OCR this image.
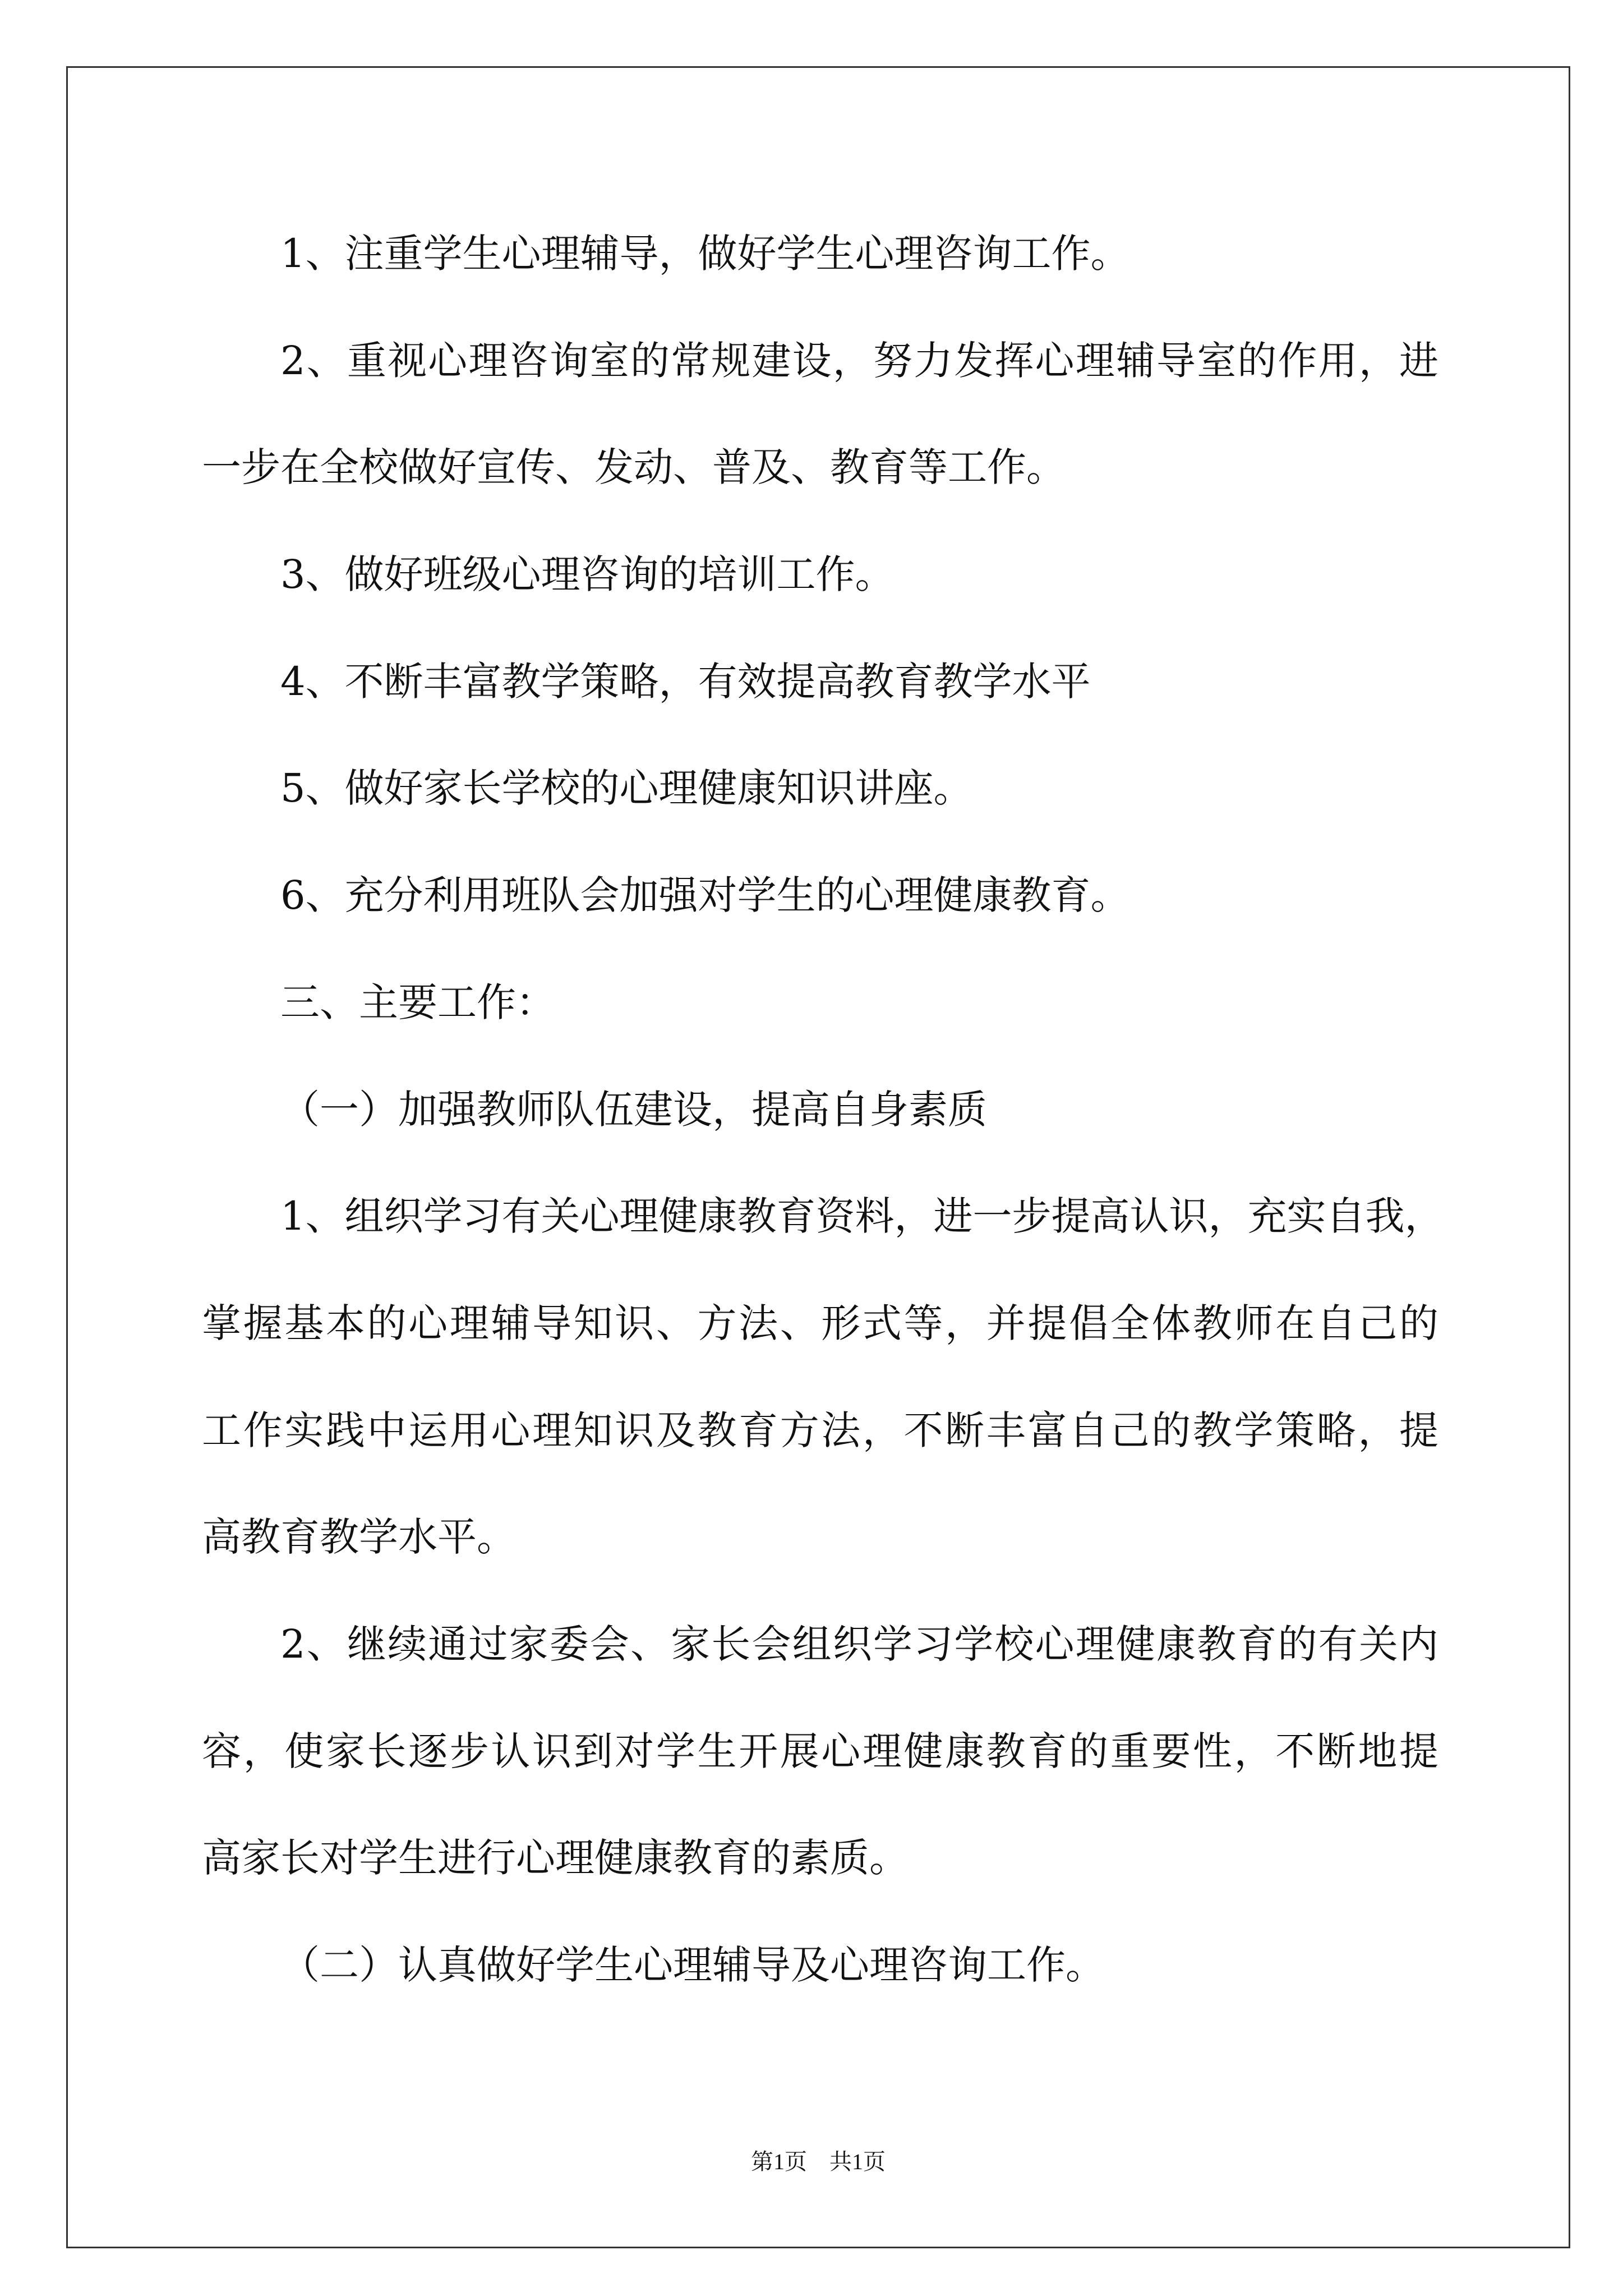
1、注重学生心理辅导，做好学生心理咨询工作。
2、重视心理咨询室的常规建设，努力发挥心理辅导室的作用，进
一步在全校做好宣传、发动、普及、教育等工作。
3、做好班级心理咨询的培训工作。
4、不断丰富教学策略，有效提高教育教学水平
5、做好家长学校的心理健康知识讲座。
6、充分利用班队会加强对学生的心理健康教育。
三、主要工作：
（一）加强教师队伍建设，提高自身素质
1、组织学习有关心理健康教育资料，进一步提高认识，充实自我，
掌握基本的心理辅导知识、方法、形式等，并提倡全体教师在自己的
工作实践中运用心理知识及教育方法，不断丰富自己的教学策略，提
高教育教学水平。
2、继续通过家委会、家长会组织学习学校心理健康教育的有关内
容，使家长逐步认识到对学生开展心理健康教育的重要性，不断地提
高家长对学生进行心理健康教育的素质。
（二）认真做好学生心理辅导及心理咨询工作。
第1页　共1页
